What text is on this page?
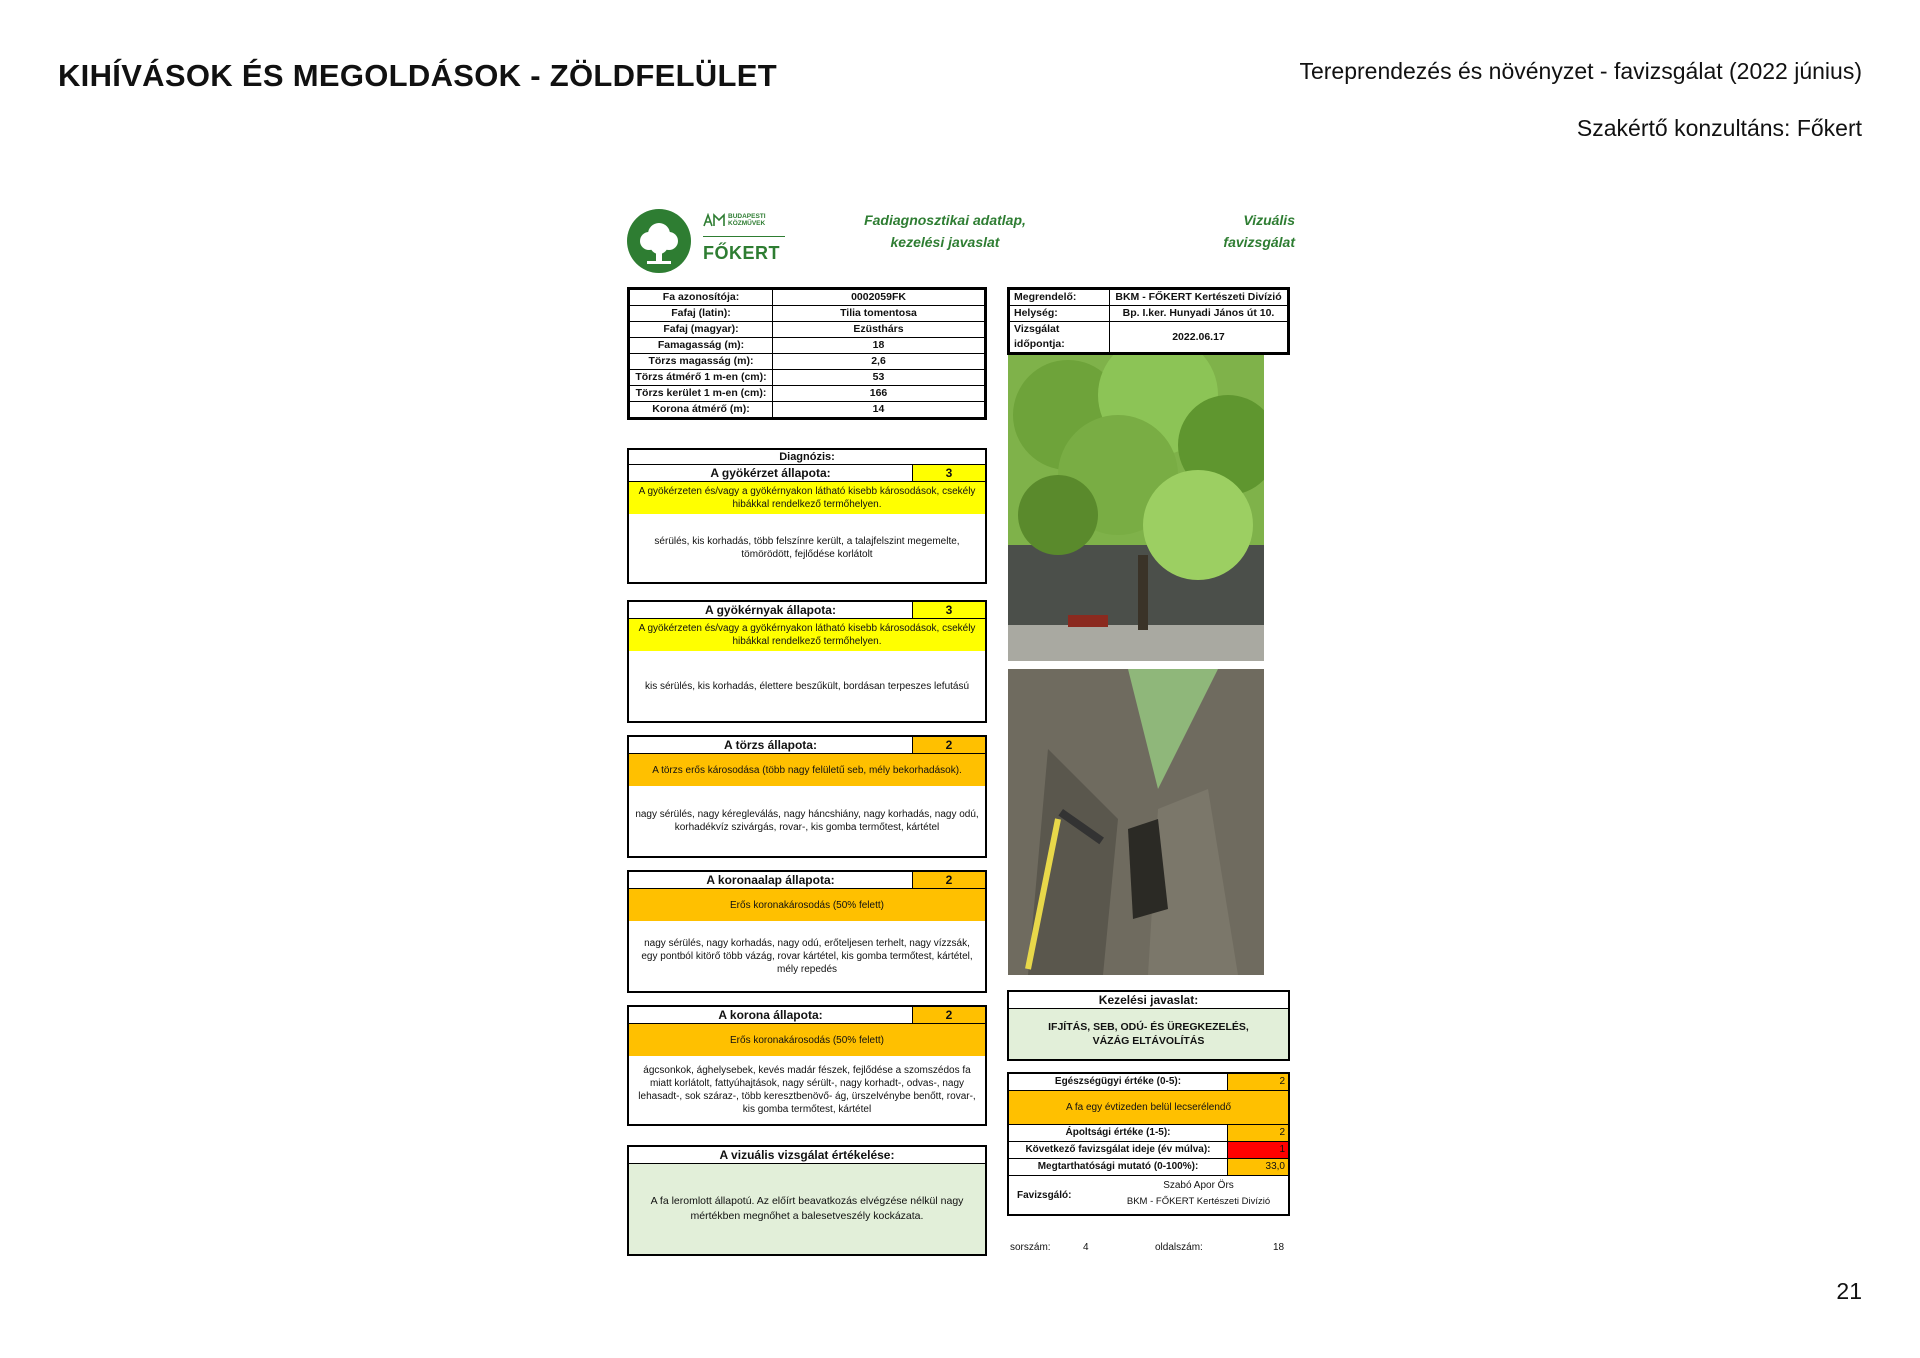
KIHÍVÁSOK ÉS MEGOLDÁSOK - ZÖLDFELÜLET	Tereprendezés és növényzet - favizsgálat (2022 június)
Szakértő konzultáns: Főkert
21
BUDAPESTI KÖZMŰVEK
FŐKERT
Fadiagnosztikai adatlap, kezelési javaslat
Vizuális favizsgálat
Fa azonosítója:	0002059FK
Fafaj (latin):	Tilia tomentosa
Fafaj (magyar):	Ezüsthárs
Famagasság (m):	18
Törzs magasság (m):	2,6
Törzs átmérő 1 m-en (cm):	53
Törzs kerület 1 m-en (cm):	166
Korona átmérő (m):	14
Megrendelő:	BKM - FŐKERT Kertészeti Divízió
Helység:	Bp. I.ker. Hunyadi János út 10.
Vizsgálat időpontja:	2022.06.17
Diagnózis:
A gyökérzet állapota:	3
A gyökérzeten és/vagy a gyökérnyakon látható kisebb károsodások, csekély hibákkal rendelkező termőhelyen.
sérülés, kis korhadás, több felszínre került, a talajfelszint megemelte, tömörödött, fejlődése korlátolt
A gyökérnyak állapota:	3
A gyökérzeten és/vagy a gyökérnyakon látható kisebb károsodások, csekély hibákkal rendelkező termőhelyen.
kis sérülés, kis korhadás, élettere beszűkült, bordásan terpeszes lefutású
A törzs állapota:	2
A törzs erős károsodása (több nagy felületű seb, mély bekorhadások).
nagy sérülés, nagy kéregleválás, nagy háncshiány, nagy korhadás, nagy odú, korhadékvíz szivárgás, rovar-, kis gomba termőtest, kártétel
A koronaalap állapota:	2
Erős koronakárosodás (50% felett)
nagy sérülés, nagy korhadás, nagy odú, erőteljesen terhelt, nagy vízzsák, egy pontból kitörő több vázág, rovar kártétel, kis gomba termőtest, kártétel, mély repedés
A korona állapota:	2
Erős koronakárosodás (50% felett)
ágcsonkok, ághelysebek, kevés madár fészek, fejlődése a szomszédos fa miatt korlátolt, fattyúhajtások, nagy sérült-, nagy korhadt-, odvas-, nagy lehasadt-, sok száraz-, több keresztbenövő- ág, ürszelvénybe benőtt, rovar-, kis gomba termőtest, kártétel
A vizuális vizsgálat értékelése:
A fa leromlott állapotú. Az előírt beavatkozás elvégzése nélkül nagy mértékben megnőhet a balesetveszély kockázata.
Kezelési javaslat:
IFJÍTÁS, SEB, ODÚ- ÉS ÜREGKEZELÉS, VÁZÁG ELTÁVOLÍTÁS
Egészségügyi értéke (0-5):	2
A fa egy évtizeden belül lecserélendő
Ápoltsági értéke (1-5):	2
Következő favizsgálat ideje (év múlva):	1
Megtarthatósági mutató (0-100%):	33,0
Favizsgáló:
Szabó Apor Örs
BKM - FŐKERT Kertészeti Divízió
sorszám:	4	oldalszám:	18
